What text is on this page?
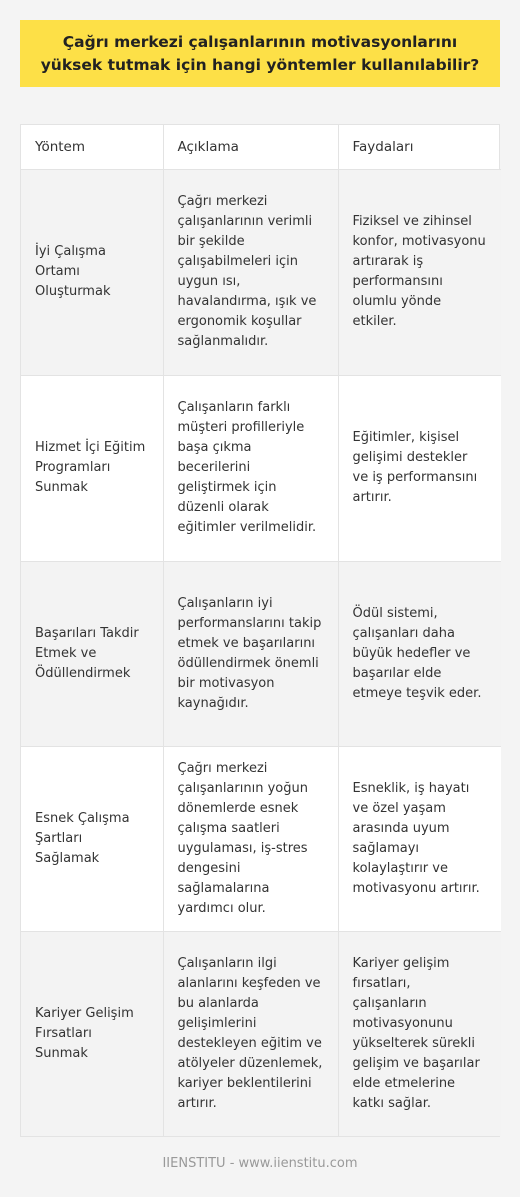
Çağrı merkezi çalışanlarının motivasyonlarını yüksek tutmak için hangi yöntemler kullanılabilir?
Yöntem	Açıklama	Faydaları
İyi Çalışma Ortamı Oluşturmak	Çağrı merkezi çalışanlarının verimli bir şekilde çalışabilmeleri için uygun ısı, havalandırma, ışık ve ergonomik koşullar sağlanmalıdır.	Fiziksel ve zihinsel konfor, motivasyonu artırarak iş performansını olumlu yönde etkiler.
Hizmet İçi Eğitim Programları Sunmak	Çalışanların farklı müşteri profilleriyle başa çıkma becerilerini geliştirmek için düzenli olarak eğitimler verilmelidir.	Eğitimler, kişisel gelişimi destekler ve iş performansını artırır.
Başarıları Takdir Etmek ve Ödüllendirmek	Çalışanların iyi performanslarını takip etmek ve başarılarını ödüllendirmek önemli bir motivasyon kaynağıdır.	Ödül sistemi, çalışanları daha büyük hedefler ve başarılar elde etmeye teşvik eder.
Esnek Çalışma Şartları Sağlamak	Çağrı merkezi çalışanlarının yoğun dönemlerde esnek çalışma saatleri uygulaması, iş-stres dengesini sağlamalarına yardımcı olur.	Esneklik, iş hayatı ve özel yaşam arasında uyum sağlamayı kolaylaştırır ve motivasyonu artırır.
Kariyer Gelişim Fırsatları Sunmak	Çalışanların ilgi alanlarını keşfeden ve bu alanlarda gelişimlerini destekleyen eğitim ve atölyeler düzenlemek, kariyer beklentilerini artırır.	Kariyer gelişim fırsatları, çalışanların motivasyonunu yükselterek sürekli gelişim ve başarılar elde etmelerine katkı sağlar.
IIENSTITU - www.iienstitu.com
